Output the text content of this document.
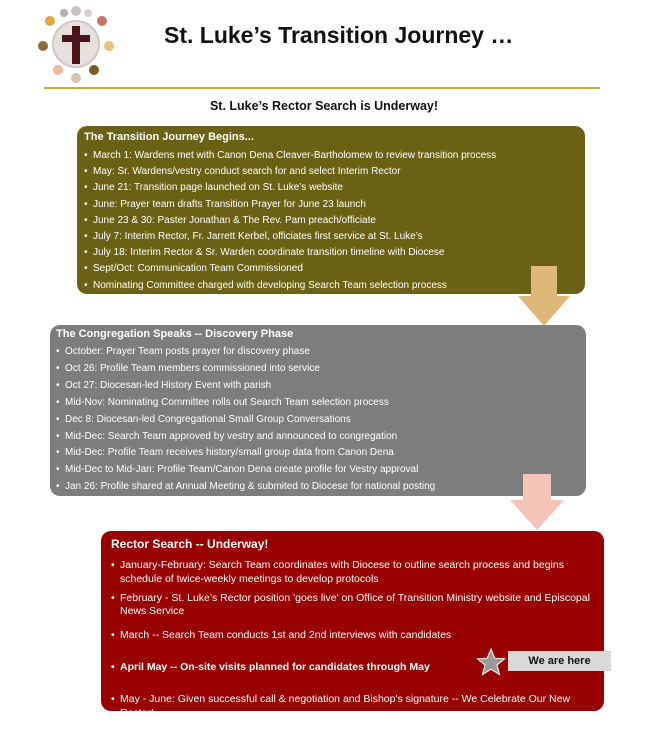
St. Luke’s Transition Journey …
St. Luke’s Rector Search is Underway!
The Transition Journey Begins...
• March 1: Wardens met with Canon Dena Cleaver-Bartholomew to review transition process
• May: Sr. Wardens/vestry conduct search for and select Interim Rector
• June 21: Transition page launched on St. Luke’s website
• June: Prayer team drafts Transition Prayer for June 23 launch
• June 23 & 30: Paster Jonathan & The Rev. Pam preach/officiate
• July 7: Interim Rector, Fr. Jarrett Kerbel, officiates first service at St. Luke’s
• July 18: Interim Rector & Sr. Warden coordinate transition timeline with Diocese
• Sept/Oct: Communication Team Commissioned
• Nominating Committee charged with developing Search Team selection process
The Congregation Speaks -- Discovery Phase
• October: Prayer Team posts prayer for discovery phase
• Oct 26: Profile Team members commissioned into service
• Oct 27: Diocesan-led History Event with parish
• Mid-Nov: Nominating Committee rolls out Search Team selection process
• Dec 8: Diocesan-led Congregational Small Group Conversations
• Mid-Dec: Search Team approved by vestry and announced to congregation
• Mid-Dec: Profile Team receives history/small group data from Canon Dena
• Mid-Dec to Mid-Jan: Profile Team/Canon Dena create profile for Vestry approval
• Jan 26: Profile shared at Annual Meeting & submited to Diocese for national posting
Rector Search -- Underway!
• January-February: Search Team coordinates with Diocese to outline search process and begins schedule of twice-weekly meetings to develop protocols
• February - St. Luke’s Rector position 'goes live' on Office of Transition Ministry website and Episcopal News Service
• March -- Search Team conducts 1st and 2nd interviews with candidates
• April May -- On-site visits planned for candidates through May
• May - June: Given successful call & negotiation and Bishop's signature -- We Celebrate Our New Rector!
We are here
